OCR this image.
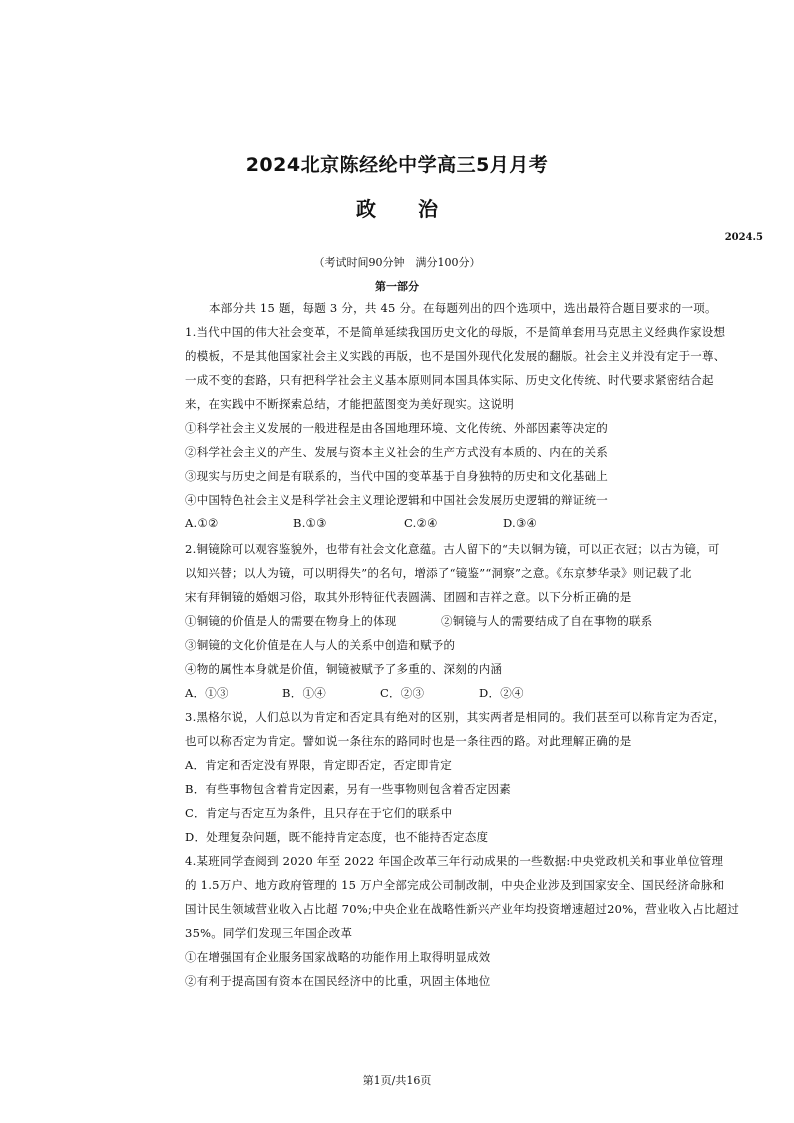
2024北京陈经纶中学高三5月月考
政 治
2024.5
（考试时间90分钟　满分100分）
第一部分
本部分共 15 题，每题 3 分，共 45 分。在每题列出的四个选项中，选出最符合题目要求的一项。
1.当代中国的伟大社会变革，不是简单延续我国历史文化的母版，不是简单套用马克思主义经典作家设想
的模板，不是其他国家社会主义实践的再版，也不是国外现代化发展的翻版。社会主义并没有定于一尊、
一成不变的套路，只有把科学社会主义基本原则同本国具体实际、历史文化传统、时代要求紧密结合起
来，在实践中不断探索总结，才能把蓝图变为美好现实。这说明
①科学社会主义发展的一般进程是由各国地理环境、文化传统、外部因素等决定的
②科学社会主义的产生、发展与资本主义社会的生产方式没有本质的、内在的关系
③现实与历史之间是有联系的，当代中国的变革基于自身独特的历史和文化基础上
④中国特色社会主义是科学社会主义理论逻辑和中国社会发展历史逻辑的辩证统一
A.①②	B.①③	C.②④	D.③④
2.铜镜除可以观容鉴貌外，也带有社会文化意蕴。古人留下的“夫以铜为镜，可以正衣冠；以古为镜，可
以知兴替；以人为镜，可以明得失”的名句，增添了“镜鉴”“洞察”之意。《东京梦华录》则记载了北
宋有拜铜镜的婚姻习俗，取其外形特征代表圆满、团圆和吉祥之意。以下分析正确的是
①铜镜的价值是人的需要在物身上的体现	②铜镜与人的需要结成了自在事物的联系
③铜镜的文化价值是在人与人的关系中创造和赋予的
④物的属性本身就是价值，铜镜被赋予了多重的、深刻的内涵
A．①③	B．①④	C．②③	D．②④
3.黑格尔说，人们总以为肯定和否定具有绝对的区别，其实两者是相同的。我们甚至可以称肯定为否定，
也可以称否定为肯定。譬如说一条往东的路同时也是一条往西的路。对此理解正确的是
A．肯定和否定没有界限，肯定即否定，否定即肯定
B．有些事物包含着肯定因素，另有一些事物则包含着否定因素
C．肯定与否定互为条件，且只存在于它们的联系中
D．处理复杂问题，既不能持肯定态度，也不能持否定态度
4.某班同学查阅到 2020 年至 2022 年国企改革三年行动成果的一些数据:中央党政机关和事业单位管理
的 1.5万户、地方政府管理的 15 万户全部完成公司制改制，中央企业涉及到国家安全、国民经济命脉和
国计民生领域营业收入占比超 70%;中央企业在战略性新兴产业年均投资增速超过20%，营业收入占比超过
35%。同学们发现三年国企改革
①在增强国有企业服务国家战略的功能作用上取得明显成效
②有利于提高国有资本在国民经济中的比重，巩固主体地位
第1页/共16页
